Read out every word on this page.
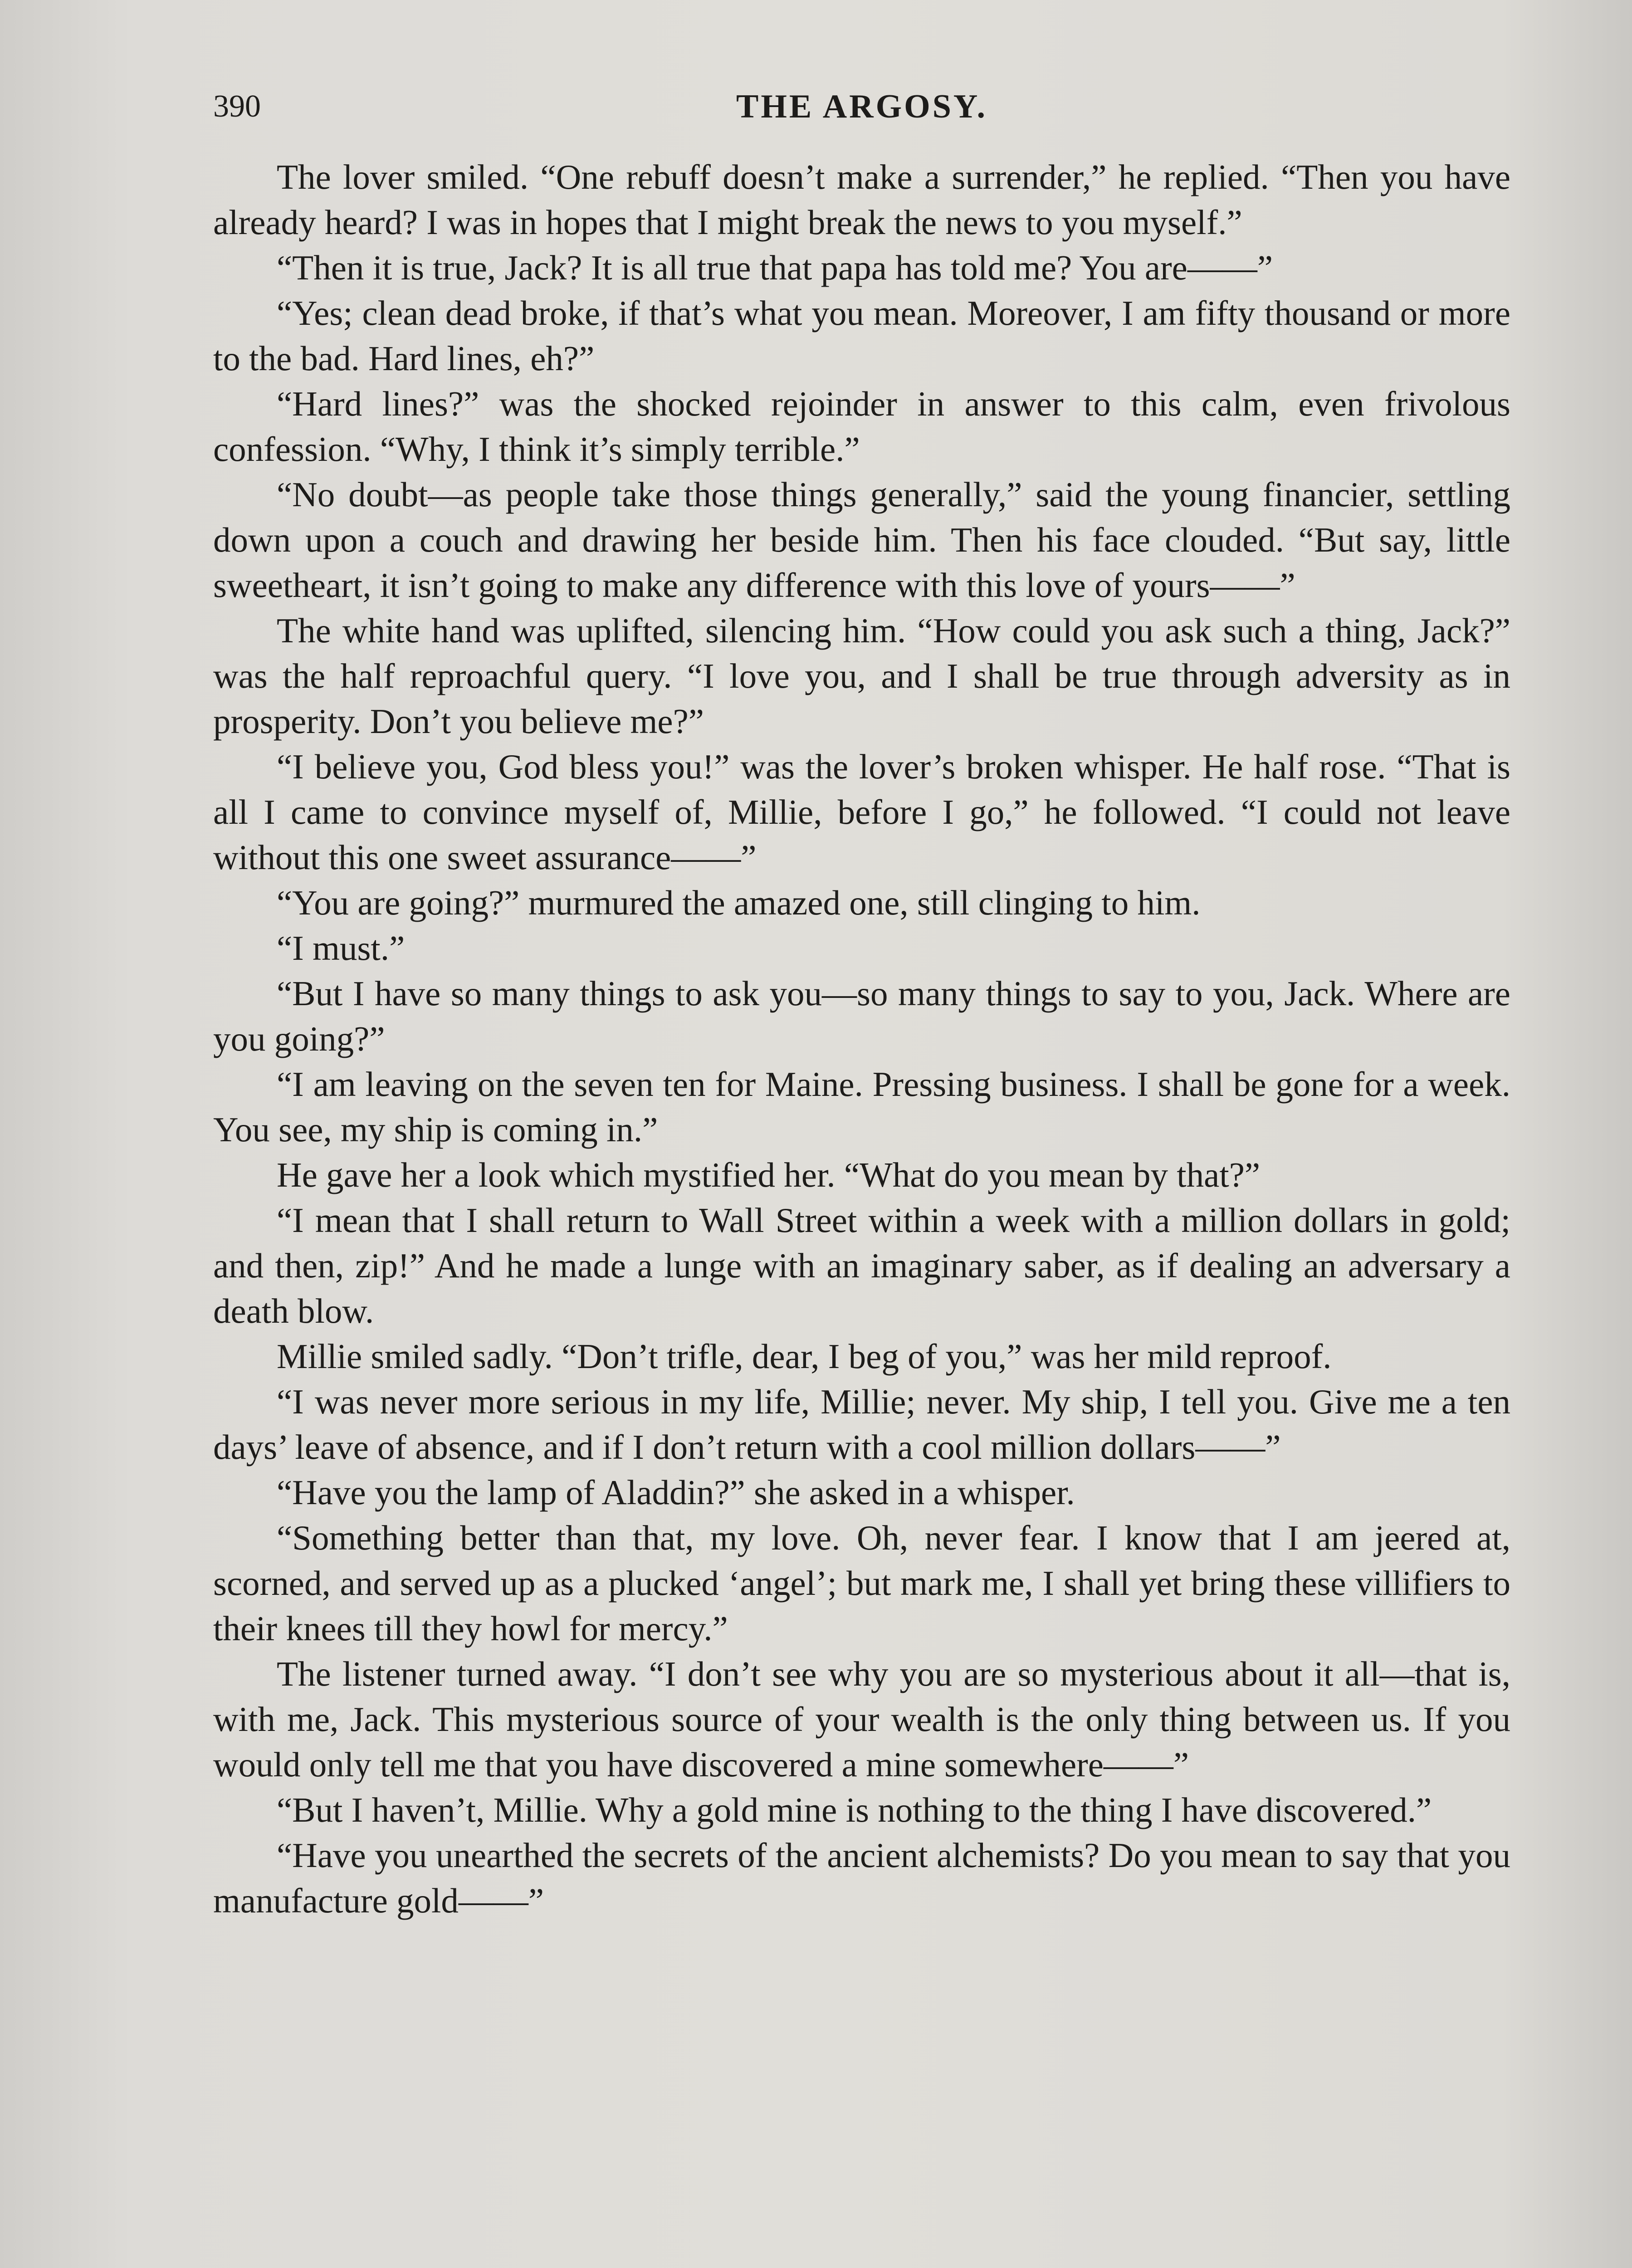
390	THE ARGOSY.

The lover smiled. “One rebuff doesn’t make a surrender,” he replied. “Then you have already heard? I was in hopes that I might break the news to you myself.”

“Then it is true, Jack? It is all true that papa has told me? You are——”

“Yes; clean dead broke, if that’s what you mean. Moreover, I am fifty thousand or more to the bad. Hard lines, eh?”

“Hard lines?” was the shocked rejoinder in answer to this calm, even frivolous confession. “Why, I think it’s simply terrible.”

“No doubt—as people take those things generally,” said the young financier, settling down upon a couch and drawing her beside him. Then his face clouded. “But say, little sweetheart, it isn’t going to make any difference with this love of yours——”

The white hand was uplifted, silencing him. “How could you ask such a thing, Jack?” was the half reproachful query. “I love you, and I shall be true through adversity as in prosperity. Don’t you believe me?”

“I believe you, God bless you!” was the lover’s broken whisper. He half rose. “That is all I came to convince myself of, Millie, before I go,” he followed. “I could not leave without this one sweet assurance——”

“You are going?” murmured the amazed one, still clinging to him.

“I must.”

“But I have so many things to ask you—so many things to say to you, Jack. Where are you going?”

“I am leaving on the seven ten for Maine. Pressing business. I shall be gone for a week. You see, my ship is coming in.”

He gave her a look which mystified her. “What do you mean by that?”

“I mean that I shall return to Wall Street within a week with a million dollars in gold; and then, zip!” And he made a lunge with an imaginary saber, as if dealing an adversary a death blow.

Millie smiled sadly. “Don’t trifle, dear, I beg of you,” was her mild reproof.

“I was never more serious in my life, Millie; never. My ship, I tell you. Give me a ten days’ leave of absence, and if I don’t return with a cool million dollars——”

“Have you the lamp of Aladdin?” she asked in a whisper.

“Something better than that, my love. Oh, never fear. I know that I am jeered at, scorned, and served up as a plucked ‘angel’; but mark me, I shall yet bring these villifiers to their knees till they howl for mercy.”

The listener turned away. “I don’t see why you are so mysterious about it all—that is, with me, Jack. This mysterious source of your wealth is the only thing between us. If you would only tell me that you have discovered a mine somewhere——”

“But I haven’t, Millie. Why a gold mine is nothing to the thing I have discovered.”

“Have you unearthed the secrets of the ancient alchemists? Do you mean to say that you manufacture gold——”
